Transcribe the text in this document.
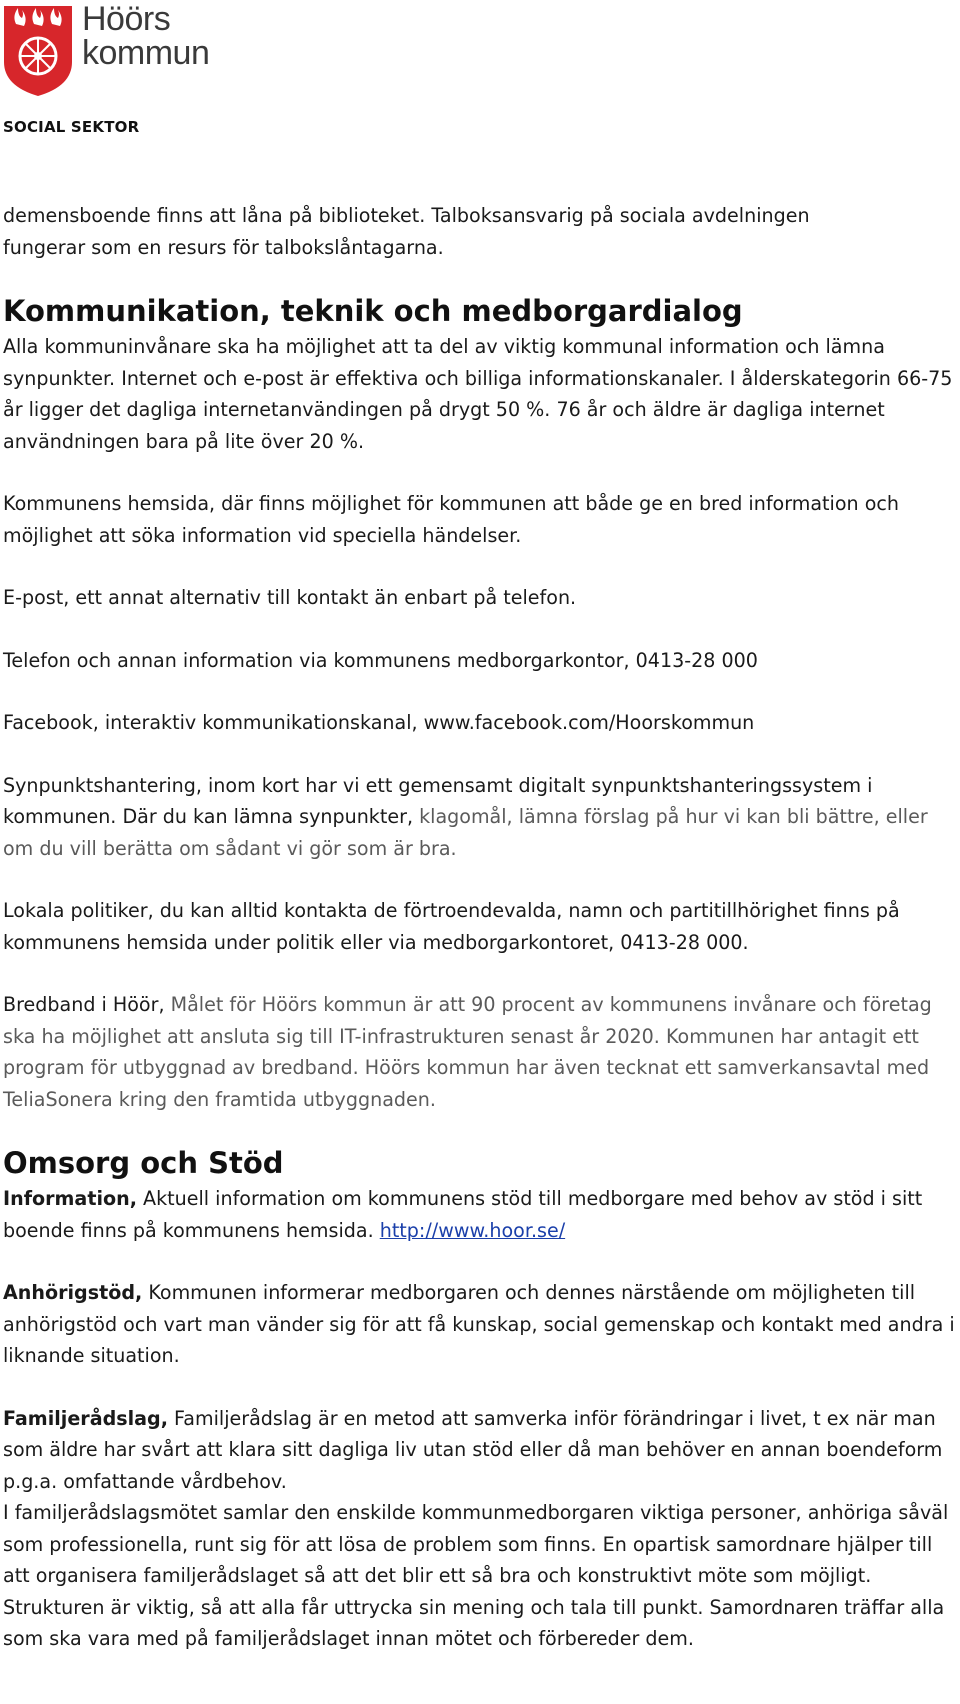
Höörs
kommun
SOCIAL SEKTOR

demensboende finns att låna på biblioteket. Talboksansvarig på sociala avdelningen fungerar som en resurs för talbokslåntagarna.

Kommunikation, teknik och medborgardialog

Alla kommuninvånare ska ha möjlighet att ta del av viktig kommunal information och lämna synpunkter. Internet och e-post är effektiva och billiga informationskanaler. I ålderskategorin 66-75 år ligger det dagliga internetanvändingen på drygt 50 %. 76 år och äldre är dagliga internet användningen bara på lite över 20 %.

Kommunens hemsida, där finns möjlighet för kommunen att både ge en bred information och möjlighet att söka information vid speciella händelser.

E-post, ett annat alternativ till kontakt än enbart på telefon.

Telefon och annan information via kommunens medborgarkontor, 0413-28 000

Facebook, interaktiv kommunikationskanal, www.facebook.com/Hoorskommun

Synpunktshantering, inom kort har vi ett gemensamt digitalt synpunktshanteringssystem i kommunen. Där du kan lämna synpunkter, klagomål, lämna förslag på hur vi kan bli bättre, eller om du vill berätta om sådant vi gör som är bra.

Lokala politiker, du kan alltid kontakta de förtroendevalda, namn och partitillhörighet finns på kommunens hemsida under politik eller via medborgarkontoret, 0413-28 000.

Bredband i Höör, Målet för Höörs kommun är att 90 procent av kommunens invånare och företag ska ha möjlighet att ansluta sig till IT-infrastrukturen senast år 2020. Kommunen har antagit ett program för utbyggnad av bredband. Höörs kommun har även tecknat ett samverkansavtal med TeliaSonera kring den framtida utbyggnaden.

Omsorg och Stöd

Information, Aktuell information om kommunens stöd till medborgare med behov av stöd i sitt boende finns på kommunens hemsida. http://www.hoor.se/

Anhörigstöd, Kommunen informerar medborgaren och dennes närstående om möjligheten till anhörigstöd och vart man vänder sig för att få kunskap, social gemenskap och kontakt med andra i liknande situation.

Familjerådslag, Familjerådslag är en metod att samverka inför förändringar i livet, t ex när man som äldre har svårt att klara sitt dagliga liv utan stöd eller då man behöver en annan boendeform p.g.a. omfattande vårdbehov.

I familjerådslagsmötet samlar den enskilde kommunmedborgaren viktiga personer, anhöriga såväl som professionella, runt sig för att lösa de problem som finns. En opartisk samordnare hjälper till att organisera familjerådslaget så att det blir ett så bra och konstruktivt möte som möjligt. Strukturen är viktig, så att alla får uttrycka sin mening och tala till punkt. Samordnaren träffar alla som ska vara med på familjerådslaget innan mötet och förbereder dem.
